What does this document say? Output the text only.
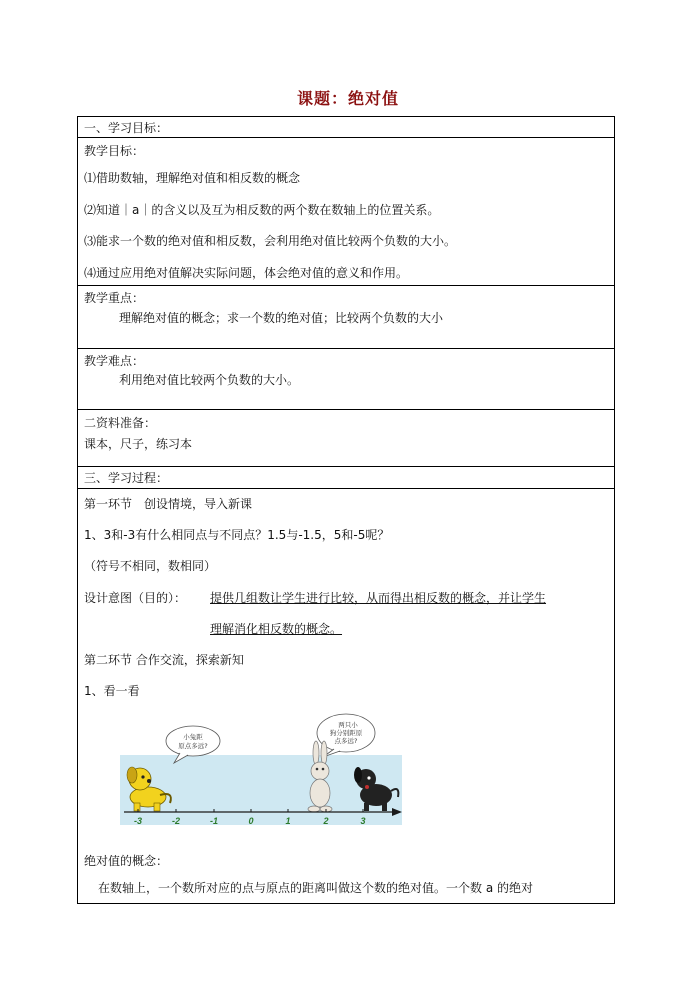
课题：绝对值
一、学习目标：
教学目标：
⑴借助数轴，理解绝对值和相反数的概念
⑵知道｜a｜的含义以及互为相反数的两个数在数轴上的位置关系。
⑶能求一个数的绝对值和相反数，会利用绝对值比较两个负数的大小。
⑷通过应用绝对值解决实际问题，体会绝对值的意义和作用。
教学重点：
理解绝对值的概念；求一个数的绝对值；比较两个负数的大小
教学难点：
利用绝对值比较两个负数的大小。
二资料准备：
课本，尺子，练习本
三、学习过程：
第一环节　创设情境，导入新课
1、3和-3有什么相同点与不同点？1.5与-1.5，5和-5呢？
（符号不相同，数相同）
设计意图（目的）： 提供几组数让学生进行比较，从而得出相反数的概念，并让学生
理解消化相反数的概念。
第二环节 合作交流，探索新知
1、看一看
小兔距
原点多远?
两只小
狗分别距原
点多远?
-3	-2	-1	0	1	2	3
绝对值的概念：
在数轴上，一个数所对应的点与原点的距离叫做这个数的绝对值。一个数 a 的绝对
